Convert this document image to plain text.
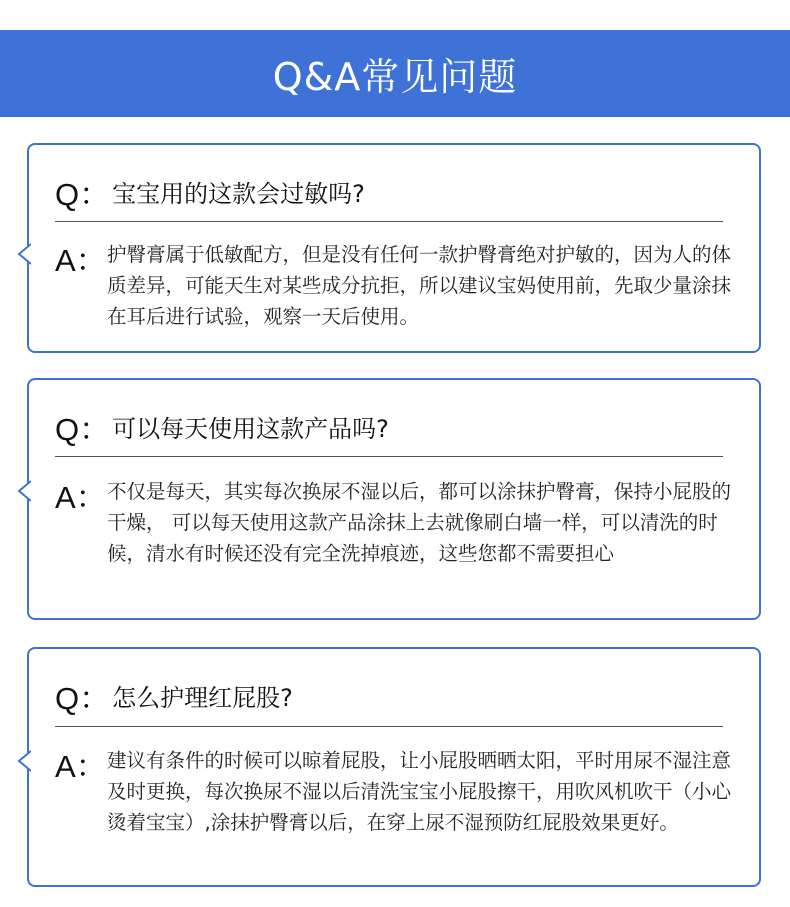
Q&A常见问题
Q： 宝宝用的这款会过敏吗?
A： 护臀膏属于低敏配方，但是没有任何一款护臀膏绝对护敏的，因为人的体质差异，可能天生对某些成分抗拒，所以建议宝妈使用前，先取少量涂抹在耳后进行试验，观察一天后使用。
Q： 可以每天使用这款产品吗?
A： 不仅是每天，其实每次换尿不湿以后，都可以涂抹护臀膏，保持小屁股的干燥， 可以每天使用这款产品涂抹上去就像刷白墙一样，可以清洗的时候，清水有时候还没有完全洗掉痕迹，这些您都不需要担心
Q： 怎么护理红屁股?
A： 建议有条件的时候可以晾着屁股，让小屁股晒晒太阳，平时用尿不湿注意及时更换，每次换尿不湿以后清洗宝宝小屁股擦干，用吹风机吹干（小心烫着宝宝）,涂抹护臀膏以后，在穿上尿不湿预防红屁股效果更好。
